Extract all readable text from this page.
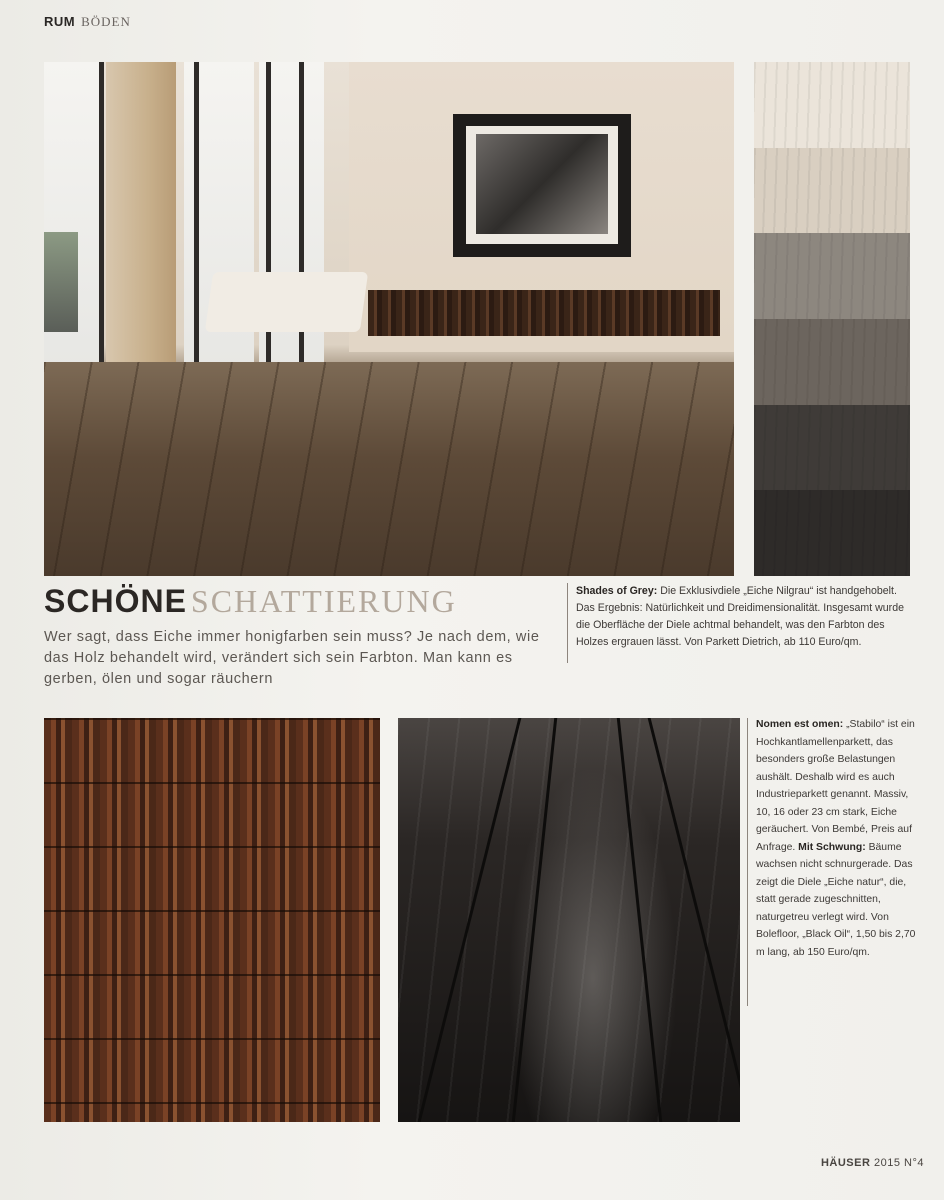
RUM BÖDEN
SCHÖNE SCHATTIERUNG
Wer sagt, dass Eiche immer honigfarben sein muss? Je nach dem, wie das Holz behandelt wird, verändert sich sein Farbton. Man kann es gerben, ölen und sogar räuchern
Shades of Grey: Die Exklusivdiele „Eiche Nilgrau“ ist handgehobelt. Das Ergebnis: Natürlichkeit und Dreidimensionalität. Insgesamt wurde die Oberfläche der Diele achtmal behandelt, was den Farbton des Holzes ergrauen lässt. Von Parkett Dietrich, ab 110 Euro/qm.
Nomen est omen: „Stabilo“ ist ein Hochkantlamellenparkett, das besonders große Belastungen aushält. Deshalb wird es auch Industrieparkett genannt. Massiv, 10, 16 oder 23 cm stark, Eiche geräuchert. Von Bembé, Preis auf Anfrage. Mit Schwung: Bäume wachsen nicht schnurgerade. Das zeigt die Diele „Eiche natur“, die, statt gerade zugeschnitten, naturgetreu verlegt wird. Von Bolefloor, „Black Oil“, 1,50 bis 2,70 m lang, ab 150 Euro/qm.
HÄUSER 2015 N°4
